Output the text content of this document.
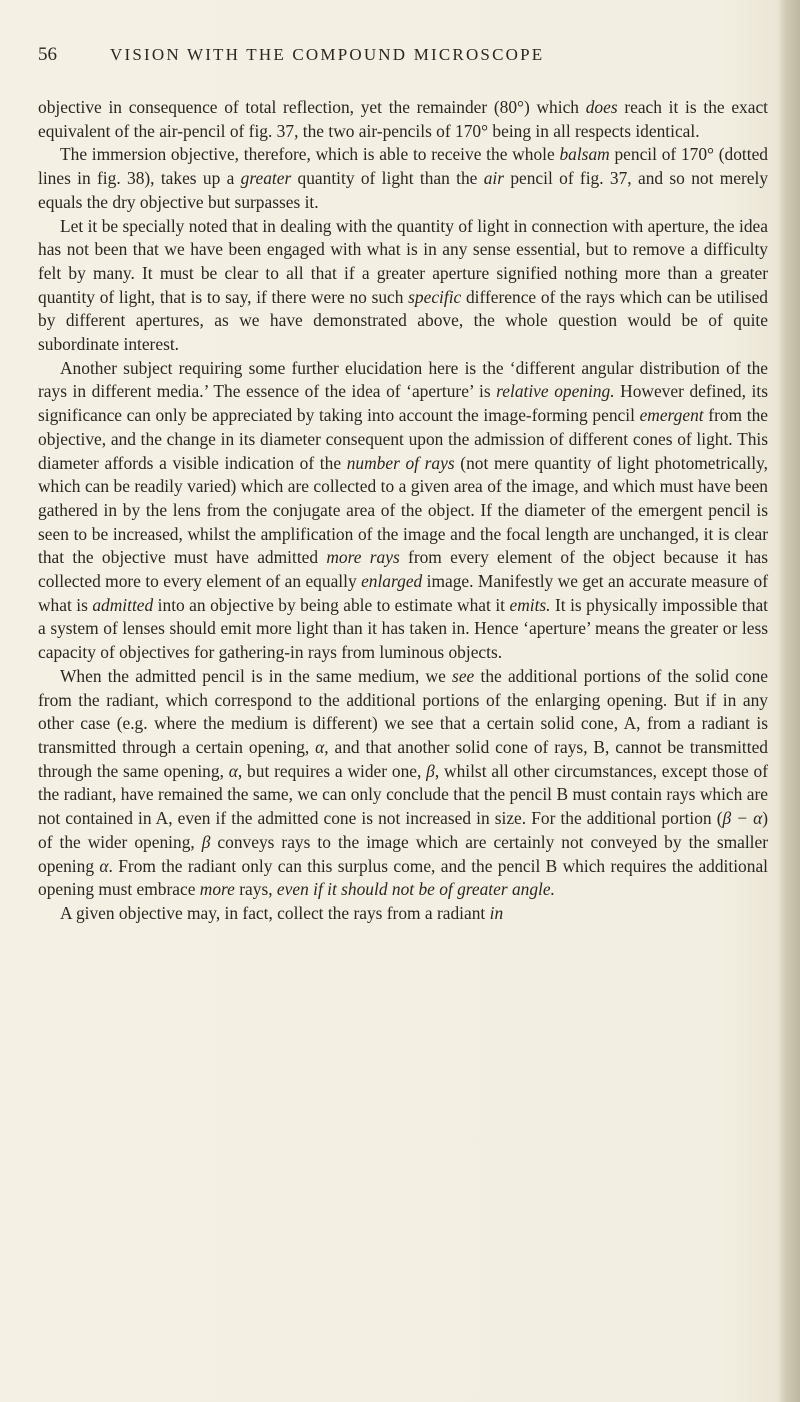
56	VISION WITH THE COMPOUND MICROSCOPE

objective in consequence of total reflection, yet the remainder (80°) which does reach it is the exact equivalent of the air-pencil of fig. 37, the two air-pencils of 170° being in all respects identical.

The immersion objective, therefore, which is able to receive the whole balsam pencil of 170° (dotted lines in fig. 38), takes up a greater quantity of light than the air pencil of fig. 37, and so not merely equals the dry objective but surpasses it.

Let it be specially noted that in dealing with the quantity of light in connection with aperture, the idea has not been that we have been engaged with what is in any sense essential, but to remove a difficulty felt by many. It must be clear to all that if a greater aperture signified nothing more than a greater quantity of light, that is to say, if there were no such specific difference of the rays which can be utilised by different apertures, as we have demonstrated above, the whole question would be of quite subordinate interest.

Another subject requiring some further elucidation here is the ‘different angular distribution of the rays in different media.’ The essence of the idea of ‘aperture’ is relative opening. However defined, its significance can only be appreciated by taking into account the image-forming pencil emergent from the objective, and the change in its diameter consequent upon the admission of different cones of light. This diameter affords a visible indication of the number of rays (not mere quantity of light photometrically, which can be readily varied) which are collected to a given area of the image, and which must have been gathered in by the lens from the conjugate area of the object. If the diameter of the emergent pencil is seen to be increased, whilst the amplification of the image and the focal length are unchanged, it is clear that the objective must have admitted more rays from every element of the object because it has collected more to every element of an equally enlarged image. Manifestly we get an accurate measure of what is admitted into an objective by being able to estimate what it emits. It is physically impossible that a system of lenses should emit more light than it has taken in. Hence ‘aperture’ means the greater or less capacity of objectives for gathering-in rays from luminous objects.

When the admitted pencil is in the same medium, we see the additional portions of the solid cone from the radiant, which correspond to the additional portions of the enlarging opening. But if in any other case (e.g. where the medium is different) we see that a certain solid cone, A, from a radiant is transmitted through a certain opening, α, and that another solid cone of rays, B, cannot be transmitted through the same opening, α, but requires a wider one, β, whilst all other circumstances, except those of the radiant, have remained the same, we can only conclude that the pencil B must contain rays which are not contained in A, even if the admitted cone is not increased in size. For the additional portion (β − α) of the wider opening, β conveys rays to the image which are certainly not conveyed by the smaller opening α. From the radiant only can this surplus come, and the pencil B which requires the additional opening must embrace more rays, even if it should not be of greater angle.

A given objective may, in fact, collect the rays from a radiant in
